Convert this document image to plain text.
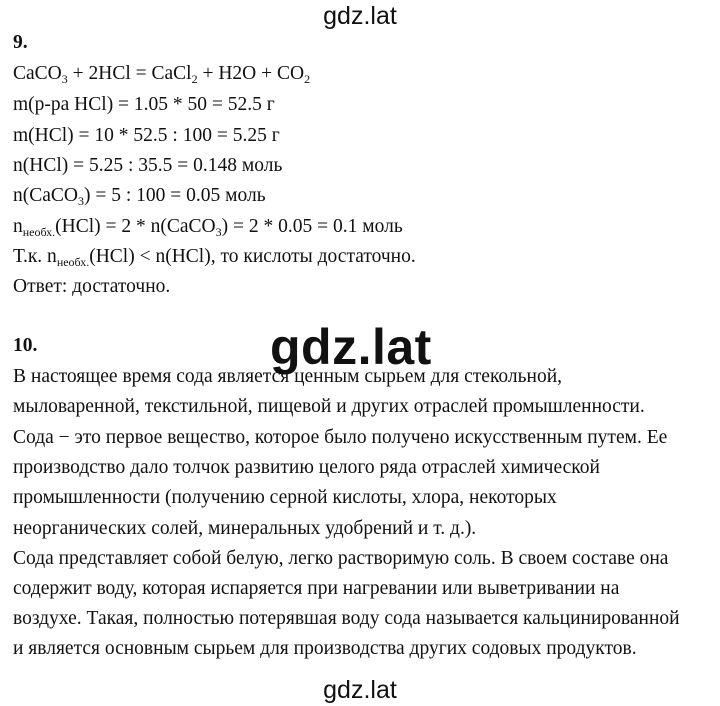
gdz.lat
9.
CaCO$_3$ + 2HCl = CaCl$_2$ + $H2O + CO_2$
m(р-ра HCl) = 1.05 * 50 = 52.5 г
m(HCl) = 10 * 52.5 : 100 = 5.25 г
n(HCl) = 5.25 : 35.5 = 0.148 моль
n(CaCO$_3$) = 5 : 100 = 0.05 моль
$n_{необх.}(HCl) = 2$ * n(CaCO$_3$) = 2 * 0.05 = 0.1 моль
Т.к. $n_{необх.}(HCl) < n(HCl)$, то кислоты достаточно.
Ответ: достаточно.
10.
В настоящее время сода является ценным сырьем для стекольной,
мыловаренной, текстильной, пищевой и других отраслей промышленности.
Сода − это первое вещество, которое было получено искусственным путем. Ее
производство дало толчок развитию целого ряда отраслей химической
промышленности (получению серной кислоты, хлора, некоторых
неорганических солей, минеральных удобрений и т. д.).
Сода представляет собой белую, легко растворимую соль. В своем составе она
содержит воду, которая испаряется при нагревании или выветривании на
воздухе. Такая, полностью потерявшая воду сода называется кальцинированной
и является основным сырьем для производства других содовых продуктов.
gdz.lat
gdz.lat
